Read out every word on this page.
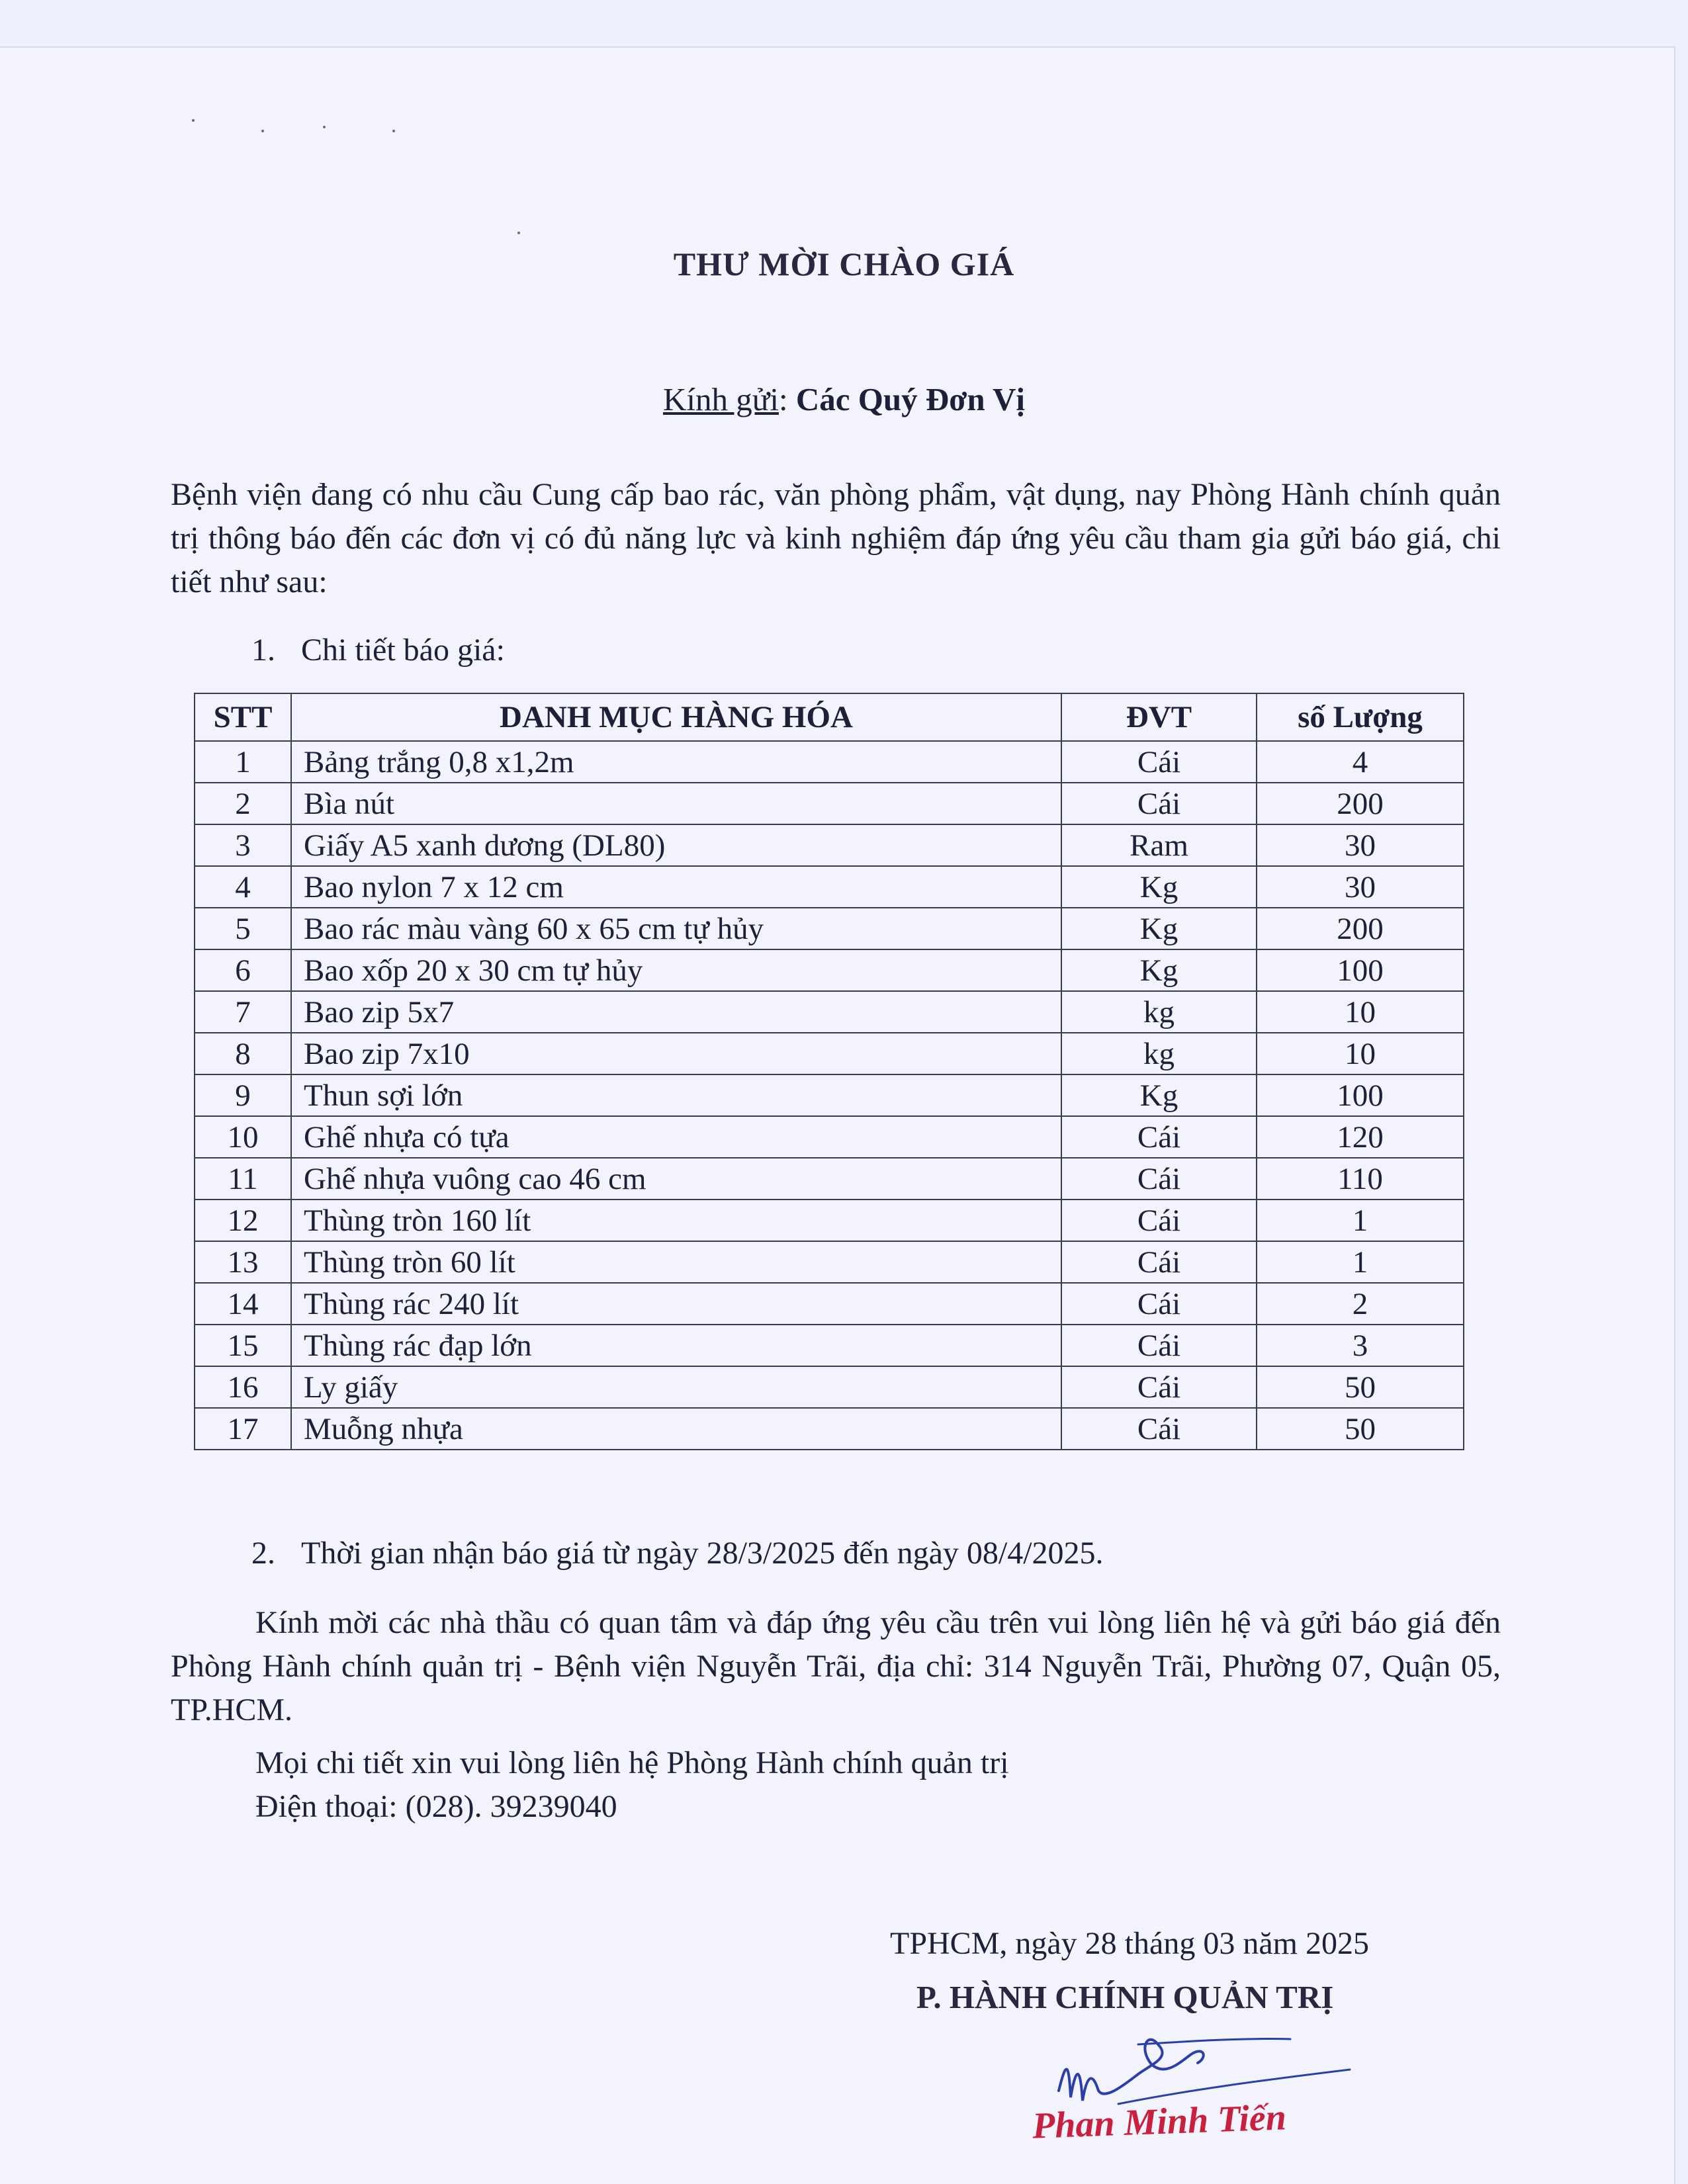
THƯ MỜI CHÀO GIÁ
Kính gửi: Các Quý Đơn Vị
Bệnh viện đang có nhu cầu Cung cấp bao rác, văn phòng phẩm, vật dụng, nay Phòng Hành chính quản trị thông báo đến các đơn vị có đủ năng lực và kinh nghiệm đáp ứng yêu cầu tham gia gửi báo giá, chi tiết như sau:
1. Chi tiết báo giá:
STT	DANH MỤC HÀNG HÓA	ĐVT	số Lượng
1	Bảng trắng 0,8 x1,2m	Cái	4
2	Bìa nút	Cái	200
3	Giấy A5 xanh dương (DL80)	Ram	30
4	Bao nylon 7 x 12 cm	Kg	30
5	Bao rác màu vàng 60 x 65 cm tự hủy	Kg	200
6	Bao xốp 20 x 30 cm tự hủy	Kg	100
7	Bao zip 5x7	kg	10
8	Bao zip 7x10	kg	10
9	Thun sợi lớn	Kg	100
10	Ghế nhựa có tựa	Cái	120
11	Ghế nhựa vuông cao 46 cm	Cái	110
12	Thùng tròn 160 lít	Cái	1
13	Thùng tròn 60 lít	Cái	1
14	Thùng rác 240 lít	Cái	2
15	Thùng rác đạp lớn	Cái	3
16	Ly giấy	Cái	50
17	Muỗng nhựa	Cái	50
2. Thời gian nhận báo giá từ ngày 28/3/2025 đến ngày 08/4/2025.
Kính mời các nhà thầu có quan tâm và đáp ứng yêu cầu trên vui lòng liên hệ và gửi báo giá đến Phòng Hành chính quản trị - Bệnh viện Nguyễn Trãi, địa chỉ: 314 Nguyễn Trãi, Phường 07, Quận 05, TP.HCM.
Mọi chi tiết xin vui lòng liên hệ Phòng Hành chính quản trị
Điện thoại: (028). 39239040
TPHCM, ngày 28 tháng 03 năm 2025
P. HÀNH CHÍNH QUẢN TRỊ
Phan Minh Tiến
